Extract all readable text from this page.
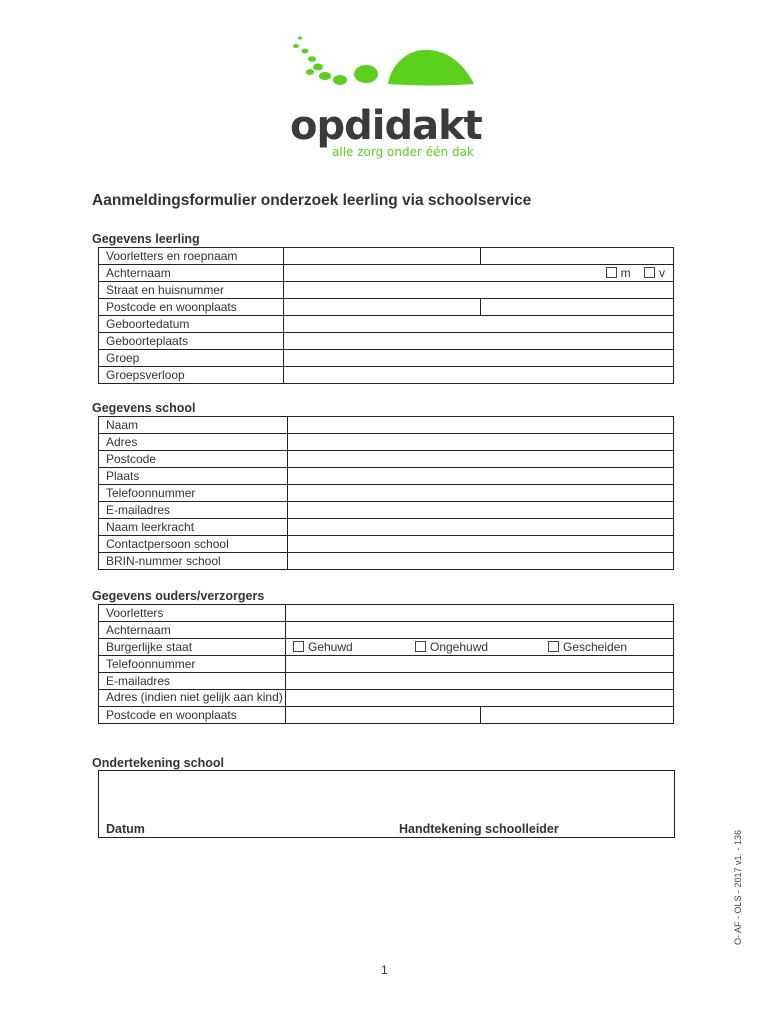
opdidakt
alle zorg onder één dak
Aanmeldingsformulier onderzoek leerling via schoolservice
Gegevens leerling
Voorletters en roepnaam		
Achternaam	m v	
Straat en huisnummer		
Postcode en woonplaats		
Geboortedatum		
Geboorteplaats		
Groep		
Groepsverloop		
Gegevens school
Naam	
Adres	
Postcode	
Plaats	
Telefoonnummer	
E-mailadres	
Naam leerkracht	
Contactpersoon school	
BRIN-nummer school	
Gegevens ouders/verzorgers
Voorletters		
Achternaam		
Burgerlijke staat	Gehuwd Ongehuwd Gescheiden	
Telefoonnummer		
E-mailadres		
Adres (indien niet gelijk aan kind)		
Postcode en woonplaats		
Ondertekening school
Datum	Handtekening schoolleider
O- AF - OLS - 2017 v1. - 136
1
